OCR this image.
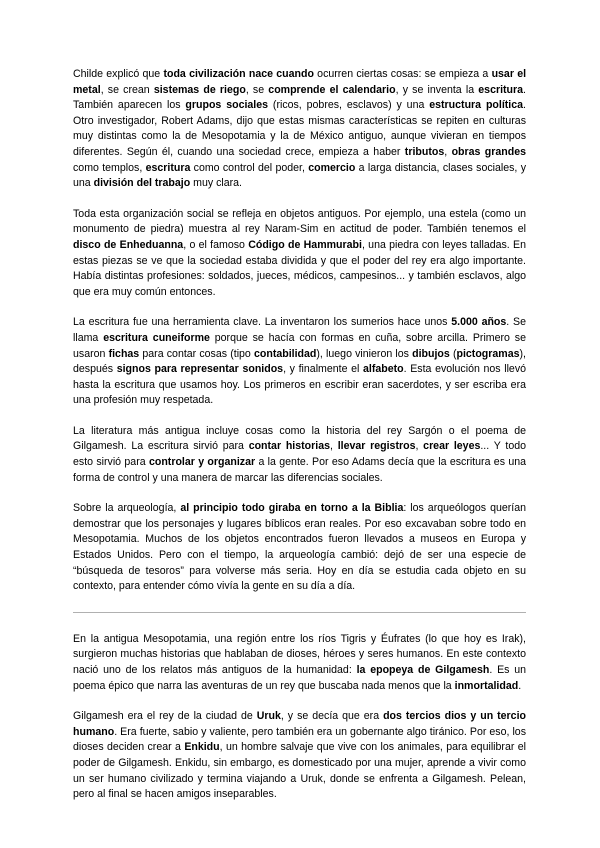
Childe explicó que toda civilización nace cuando ocurren ciertas cosas: se empieza a usar el metal, se crean sistemas de riego, se comprende el calendario, y se inventa la escritura. También aparecen los grupos sociales (ricos, pobres, esclavos) y una estructura política. Otro investigador, Robert Adams, dijo que estas mismas características se repiten en culturas muy distintas como la de Mesopotamia y la de México antiguo, aunque vivieran en tiempos diferentes. Según él, cuando una sociedad crece, empieza a haber tributos, obras grandes como templos, escritura como control del poder, comercio a larga distancia, clases sociales, y una división del trabajo muy clara.

Toda esta organización social se refleja en objetos antiguos. Por ejemplo, una estela (como un monumento de piedra) muestra al rey Naram-Sim en actitud de poder. También tenemos el disco de Enheduanna, o el famoso Código de Hammurabi, una piedra con leyes talladas. En estas piezas se ve que la sociedad estaba dividida y que el poder del rey era algo importante. Había distintas profesiones: soldados, jueces, médicos, campesinos... y también esclavos, algo que era muy común entonces.

La escritura fue una herramienta clave. La inventaron los sumerios hace unos 5.000 años. Se llama escritura cuneiforme porque se hacía con formas en cuña, sobre arcilla. Primero se usaron fichas para contar cosas (tipo contabilidad), luego vinieron los dibujos (pictogramas), después signos para representar sonidos, y finalmente el alfabeto. Esta evolución nos llevó hasta la escritura que usamos hoy. Los primeros en escribir eran sacerdotes, y ser escriba era una profesión muy respetada.

La literatura más antigua incluye cosas como la historia del rey Sargón o el poema de Gilgamesh. La escritura sirvió para contar historias, llevar registros, crear leyes... Y todo esto sirvió para controlar y organizar a la gente. Por eso Adams decía que la escritura es una forma de control y una manera de marcar las diferencias sociales.

Sobre la arqueología, al principio todo giraba en torno a la Biblia: los arqueólogos querían demostrar que los personajes y lugares bíblicos eran reales. Por eso excavaban sobre todo en Mesopotamia. Muchos de los objetos encontrados fueron llevados a museos en Europa y Estados Unidos. Pero con el tiempo, la arqueología cambió: dejó de ser una especie de “búsqueda de tesoros” para volverse más seria. Hoy en día se estudia cada objeto en su contexto, para entender cómo vivía la gente en su día a día.

En la antigua Mesopotamia, una región entre los ríos Tigris y Éufrates (lo que hoy es Irak), surgieron muchas historias que hablaban de dioses, héroes y seres humanos. En este contexto nació uno de los relatos más antiguos de la humanidad: la epopeya de Gilgamesh. Es un poema épico que narra las aventuras de un rey que buscaba nada menos que la inmortalidad.

Gilgamesh era el rey de la ciudad de Uruk, y se decía que era dos tercios dios y un tercio humano. Era fuerte, sabio y valiente, pero también era un gobernante algo tiránico. Por eso, los dioses deciden crear a Enkidu, un hombre salvaje que vive con los animales, para equilibrar el poder de Gilgamesh. Enkidu, sin embargo, es domesticado por una mujer, aprende a vivir como un ser humano civilizado y termina viajando a Uruk, donde se enfrenta a Gilgamesh. Pelean, pero al final se hacen amigos inseparables.
